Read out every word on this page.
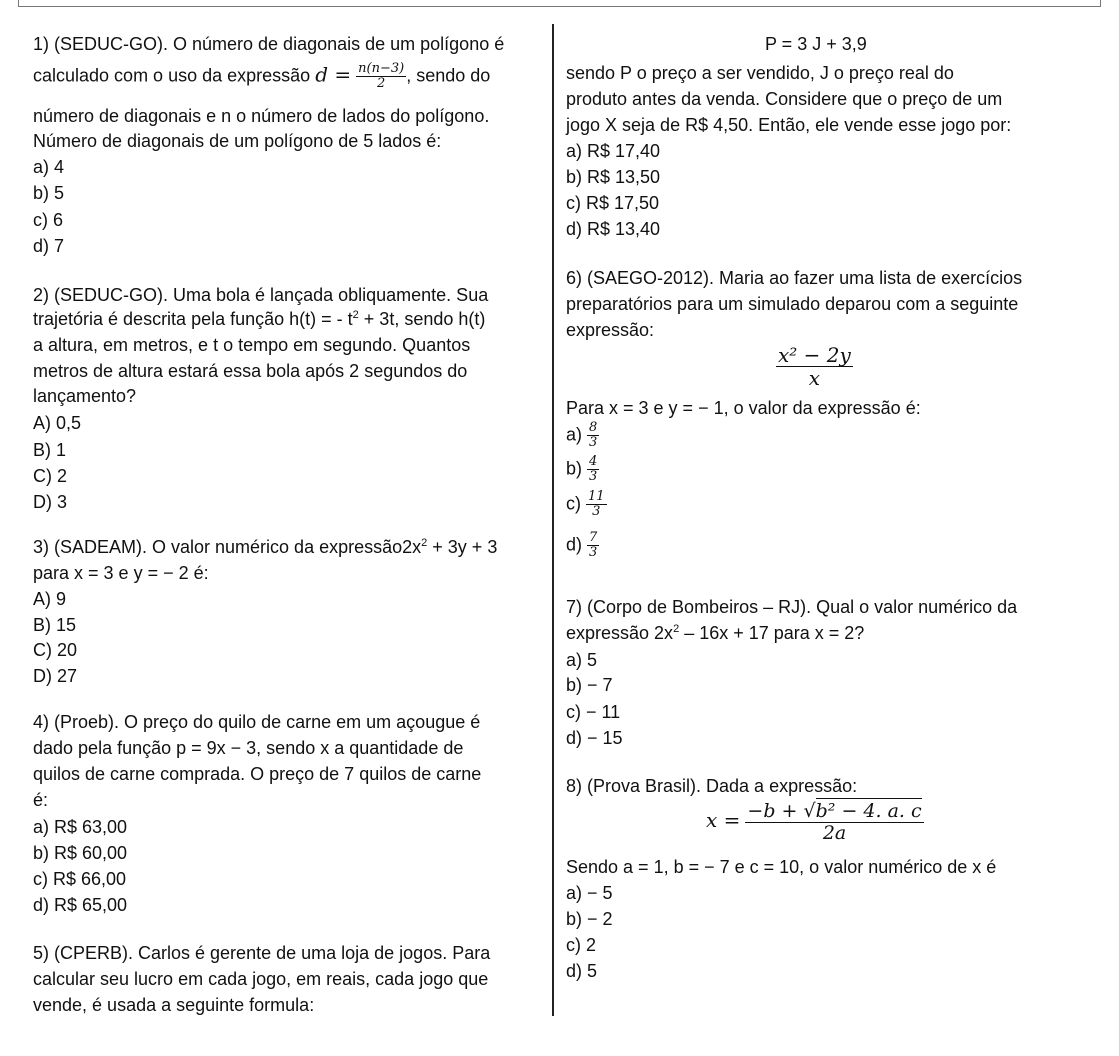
1) (SEDUC-GO). O número de diagonais de um polígono é
calculado com o uso da expressão $d = \frac{n(n-3)}{2}$ , sendo do
número de diagonais e n o número de lados do polígono.
Número de diagonais de um polígono de 5 lados é:
a) 4
b) 5
c) 6
d) 7
2) (SEDUC-GO). Uma bola é lançada obliquamente. Sua
trajetória é descrita pela função h(t) = - $t^2 + 3t$, sendo h(t)
a altura, em metros, e t o tempo em segundo. Quantos
metros de altura estará essa bola após 2 segundos do
lançamento?
A) 0,5
B) 1
C) 2
D) 3
3) (SADEAM). O valor numérico da $expressão2x^2 + 3y + 3$
para x = 3 e y = − 2 é:
A) 9
B) 15
C) 20
D) 27
4) (Proeb). O preço do quilo de carne em um açougue é
dado pela função p = 9x − 3, sendo x a quantidade de
quilos de carne comprada. O preço de 7 quilos de carne
é:
a) R$ 63,00
b) R$ 60,00
c) R$ 66,00
d) R$ 65,00
5) (CPERB). Carlos é gerente de uma loja de jogos. Para
calcular seu lucro em cada jogo, em reais, cada jogo que
vende, é usada a seguinte formula:
P = 3 J + 3,9
sendo P o preço a ser vendido, J o preço real do
produto antes da venda. Considere que o preço de um
jogo X seja de R$ 4,50. Então, ele vende esse jogo por:
a) R$ 17,40
b) R$ 13,50
c) R$ 17,50
d) R$ 13,40
6) (SAEGO-2012). Maria ao fazer uma lista de exercícios
preparatórios para um simulado deparou com a seguinte
expressão:
$\frac{\text{x² − 2y}}{x}$
Para x = 3 e y = − 1, o valor da expressão é:
$a) \frac{8}{3}$
$b) \frac{4}{3}$
$c) \frac{11}{3}$
$d) \frac{7}{3}$
7) (Corpo de Bombeiros – RJ). Qual o valor numérico da
expressão $2x^2 - 16x + 17$ para x = 2?
a) 5
b) − 7
c) − 11
d) − 15
8) (Prova Brasil). Dada a expressão:
$x = \frac{\text{−b + √b² − 4. a. c}}{2a}$
Sendo a = 1, b = − 7 e c = 10, o valor numérico de x é
a) − 5
b) − 2
c) 2
d) 5
